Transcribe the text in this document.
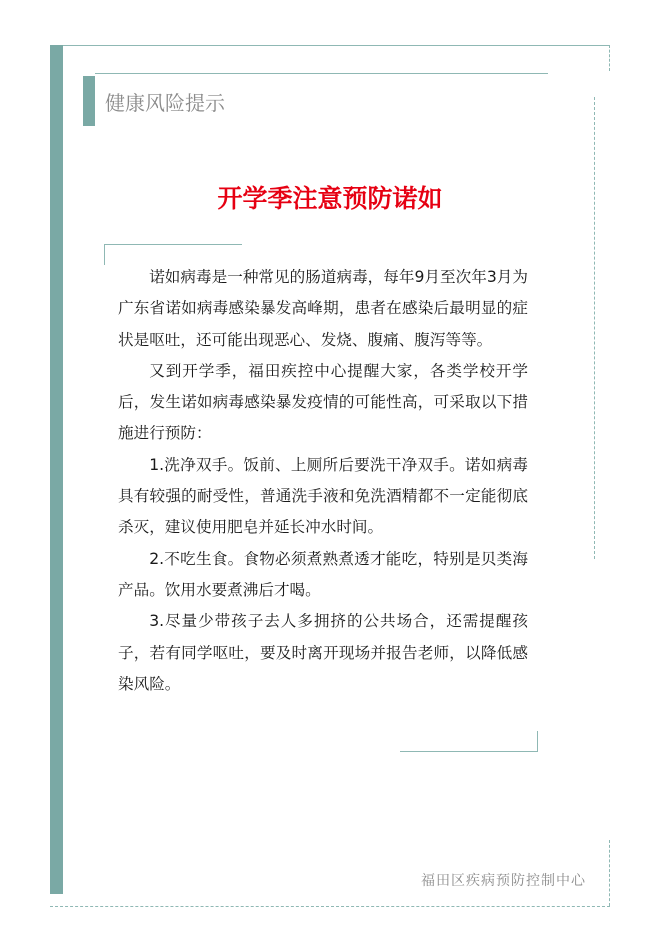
健康风险提示
开学季注意预防诺如

诺如病毒是一种常见的肠道病毒，每年9月至次年3月为广东省诺如病毒感染暴发高峰期，患者在感染后最明显的症状是呕吐，还可能出现恶心、发烧、腹痛、腹泻等等。

又到开学季，福田疾控中心提醒大家，各类学校开学后，发生诺如病毒感染暴发疫情的可能性高，可采取以下措施进行预防：

1.洗净双手。饭前、上厕所后要洗干净双手。诺如病毒具有较强的耐受性，普通洗手液和免洗酒精都不一定能彻底杀灭，建议使用肥皂并延长冲水时间。

2.不吃生食。食物必须煮熟煮透才能吃，特别是贝类海产品。饮用水要煮沸后才喝。

3.尽量少带孩子去人多拥挤的公共场合，还需提醒孩子，若有同学呕吐，要及时离开现场并报告老师，以降低感染风险。

福田区疾病预防控制中心
